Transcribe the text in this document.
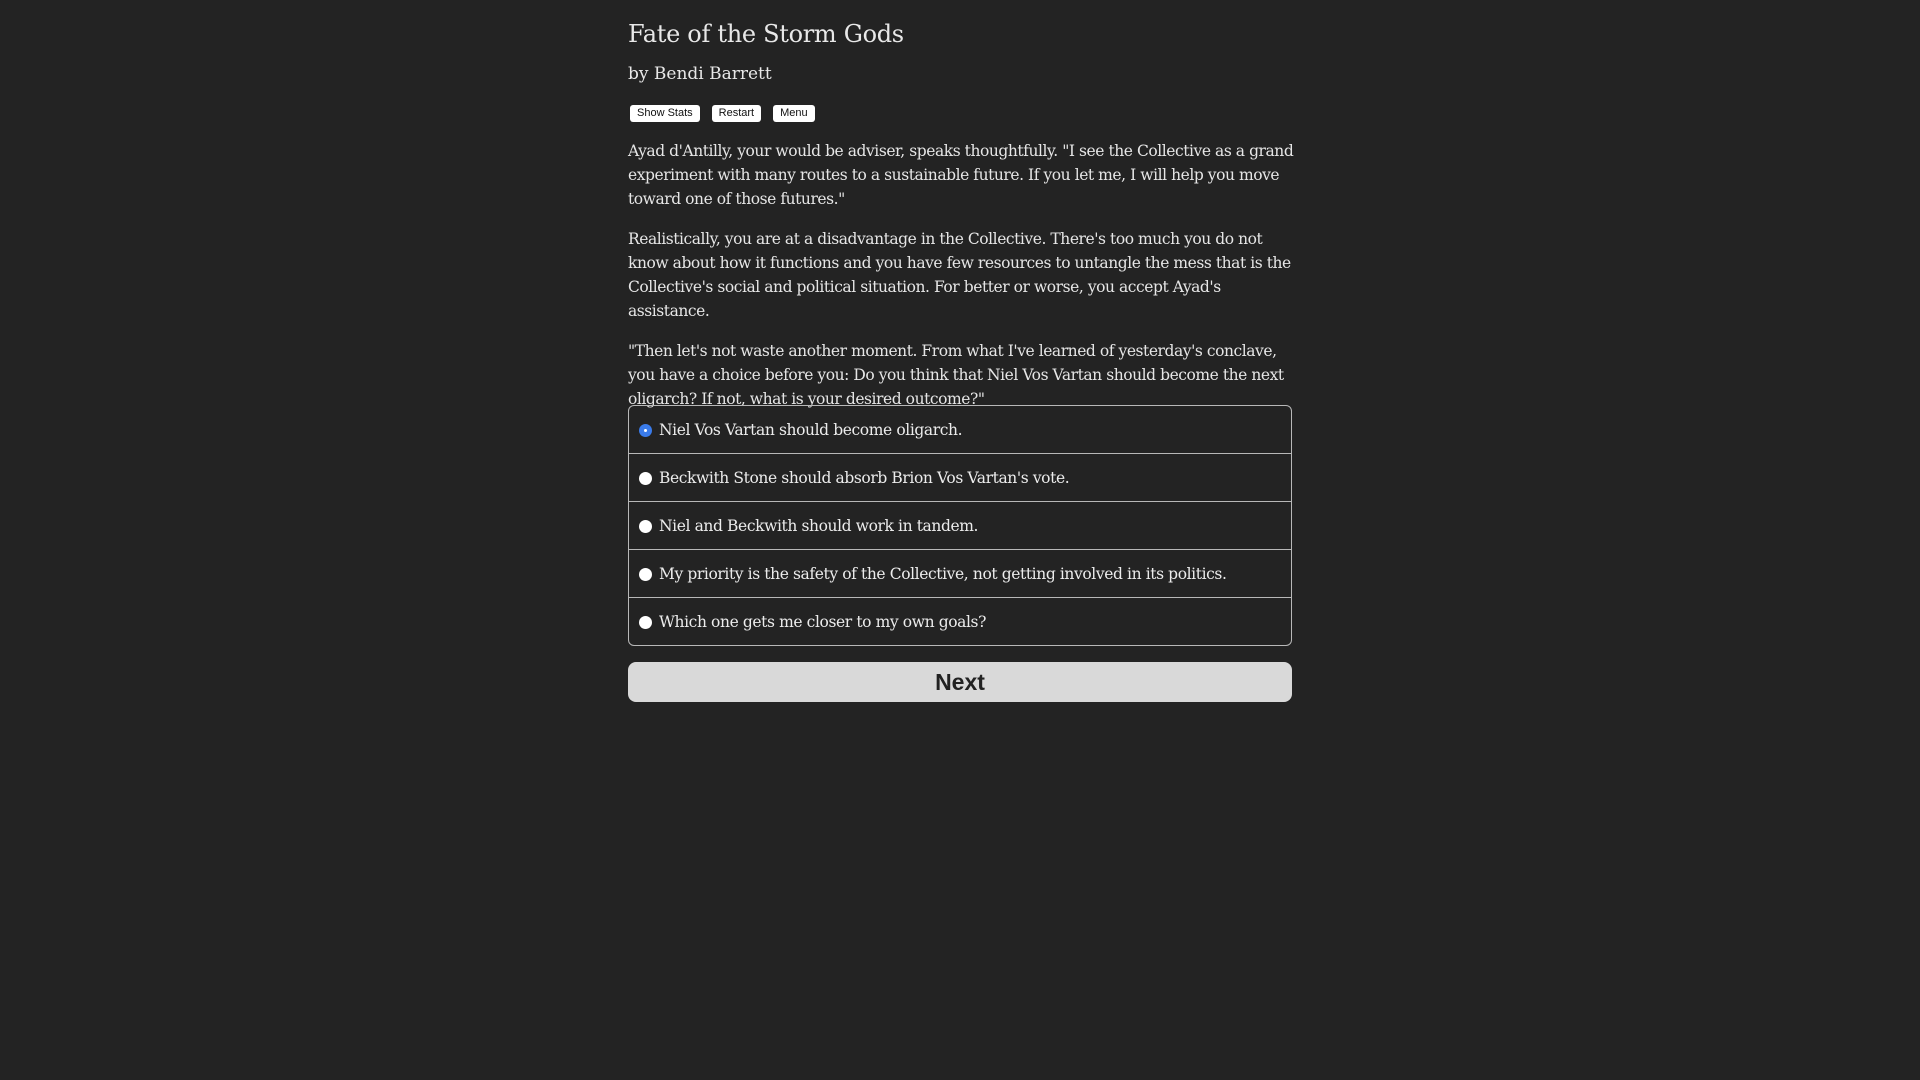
Fate of the Storm Gods
by Bendi Barrett
Show Stats	Restart	Menu

Ayad d'Antilly, your would be adviser, speaks thoughtfully. "I see the Collective as a grand experiment with many routes to a sustainable future. If you let me, I will help you move toward one of those futures."

Realistically, you are at a disadvantage in the Collective. There's too much you do not know about how it functions and you have few resources to untangle the mess that is the Collective's social and political situation. For better or worse, you accept Ayad's assistance.

"Then let's not waste another moment. From what I've learned of yesterday's conclave, you have a choice before you: Do you think that Niel Vos Vartan should become the next oligarch? If not, what is your desired outcome?"

Niel Vos Vartan should become oligarch.
Beckwith Stone should absorb Brion Vos Vartan's vote.
Niel and Beckwith should work in tandem.
My priority is the safety of the Collective, not getting involved in its politics.
Which one gets me closer to my own goals?
Next
